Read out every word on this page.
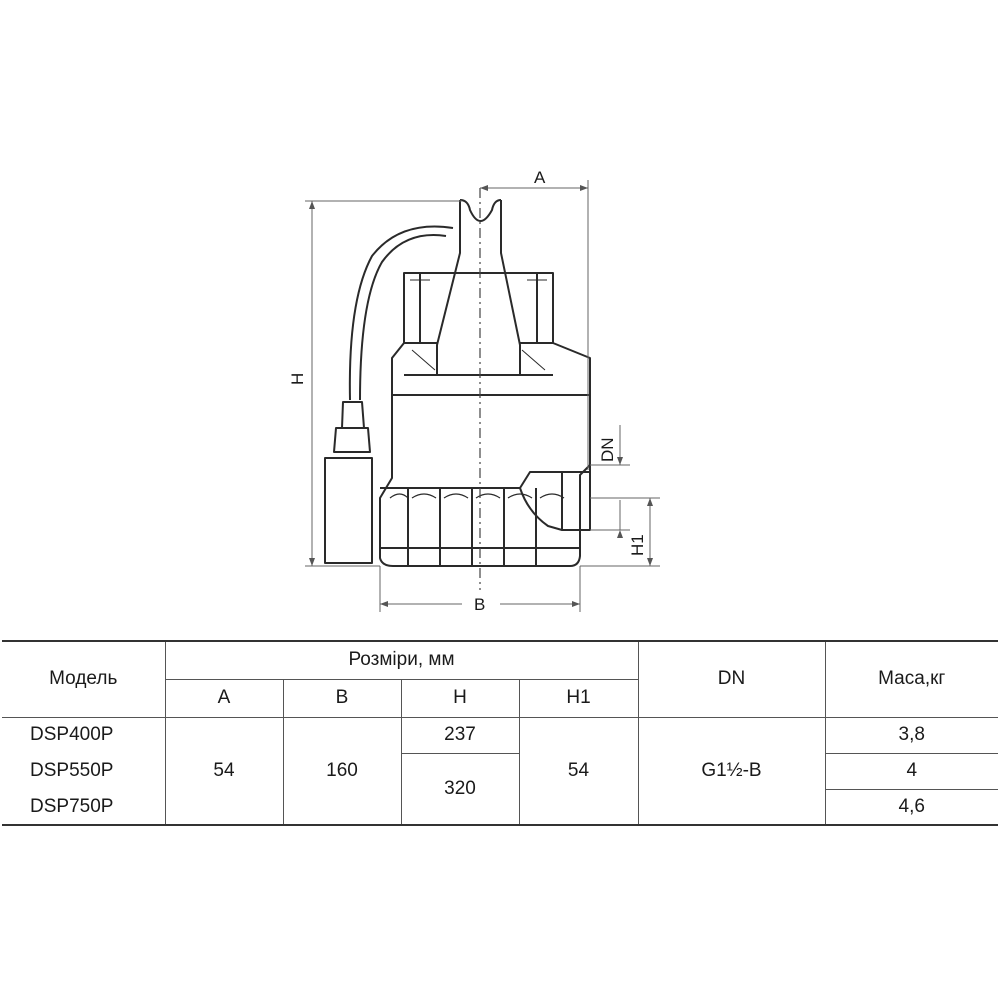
A
B
H
DN
H1
Модель	Розміри, мм				DN	Маса,кг
	A	B	H	H1		
DSP400P	54	160	237	54	G1½-B	3,8
DSP550P			320			4
DSP750P						4,6
